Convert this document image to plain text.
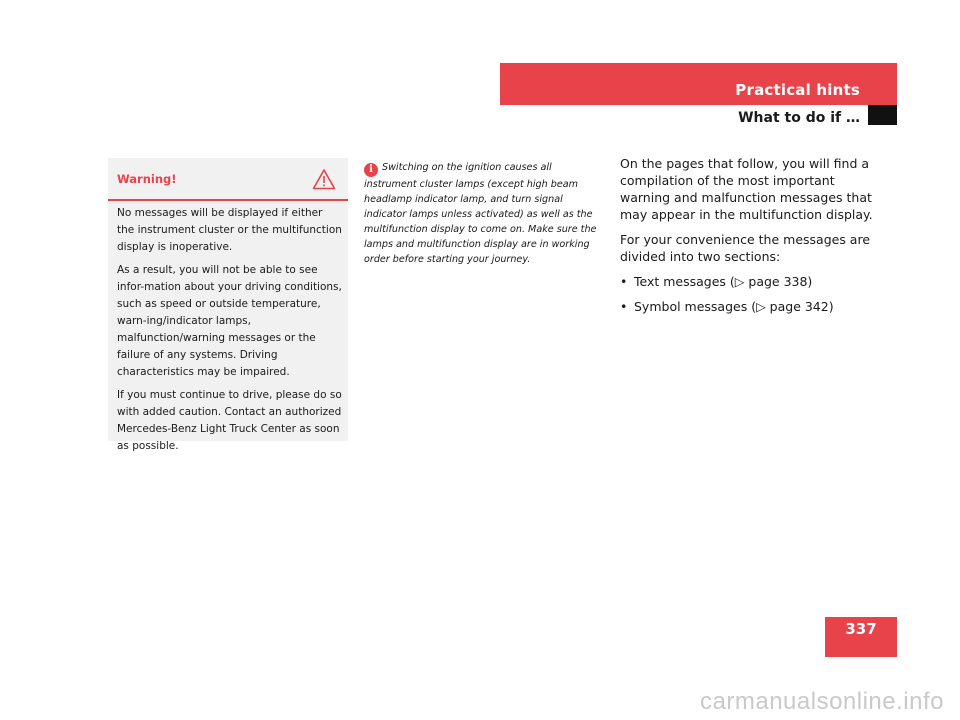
Practical hints
What to do if …
Warning!

No messages will be displayed if either the instrument cluster or the multifunction display is inoperative.

As a result, you will not be able to see infor-mation about your driving conditions, such as speed or outside temperature, warn-ing/indicator lamps, malfunction/warning messages or the failure of any systems. Driving characteristics may be impaired.

If you must continue to drive, please do so with added caution. Contact an authorized Mercedes-Benz Light Truck Center as soon as possible.

i Switching on the ignition causes all instrument cluster lamps (except high beam headlamp indicator lamp, and turn signal indicator lamps unless activated) as well as the multifunction display to come on. Make sure the lamps and multifunction display are in working order before starting your journey.

On the pages that follow, you will find a compilation of the most important warning and malfunction messages that may appear in the multifunction display.

For your convenience the messages are divided into two sections:

• Text messages (▷ page 338)
• Symbol messages (▷ page 342)
337
carmanualsonline.info
